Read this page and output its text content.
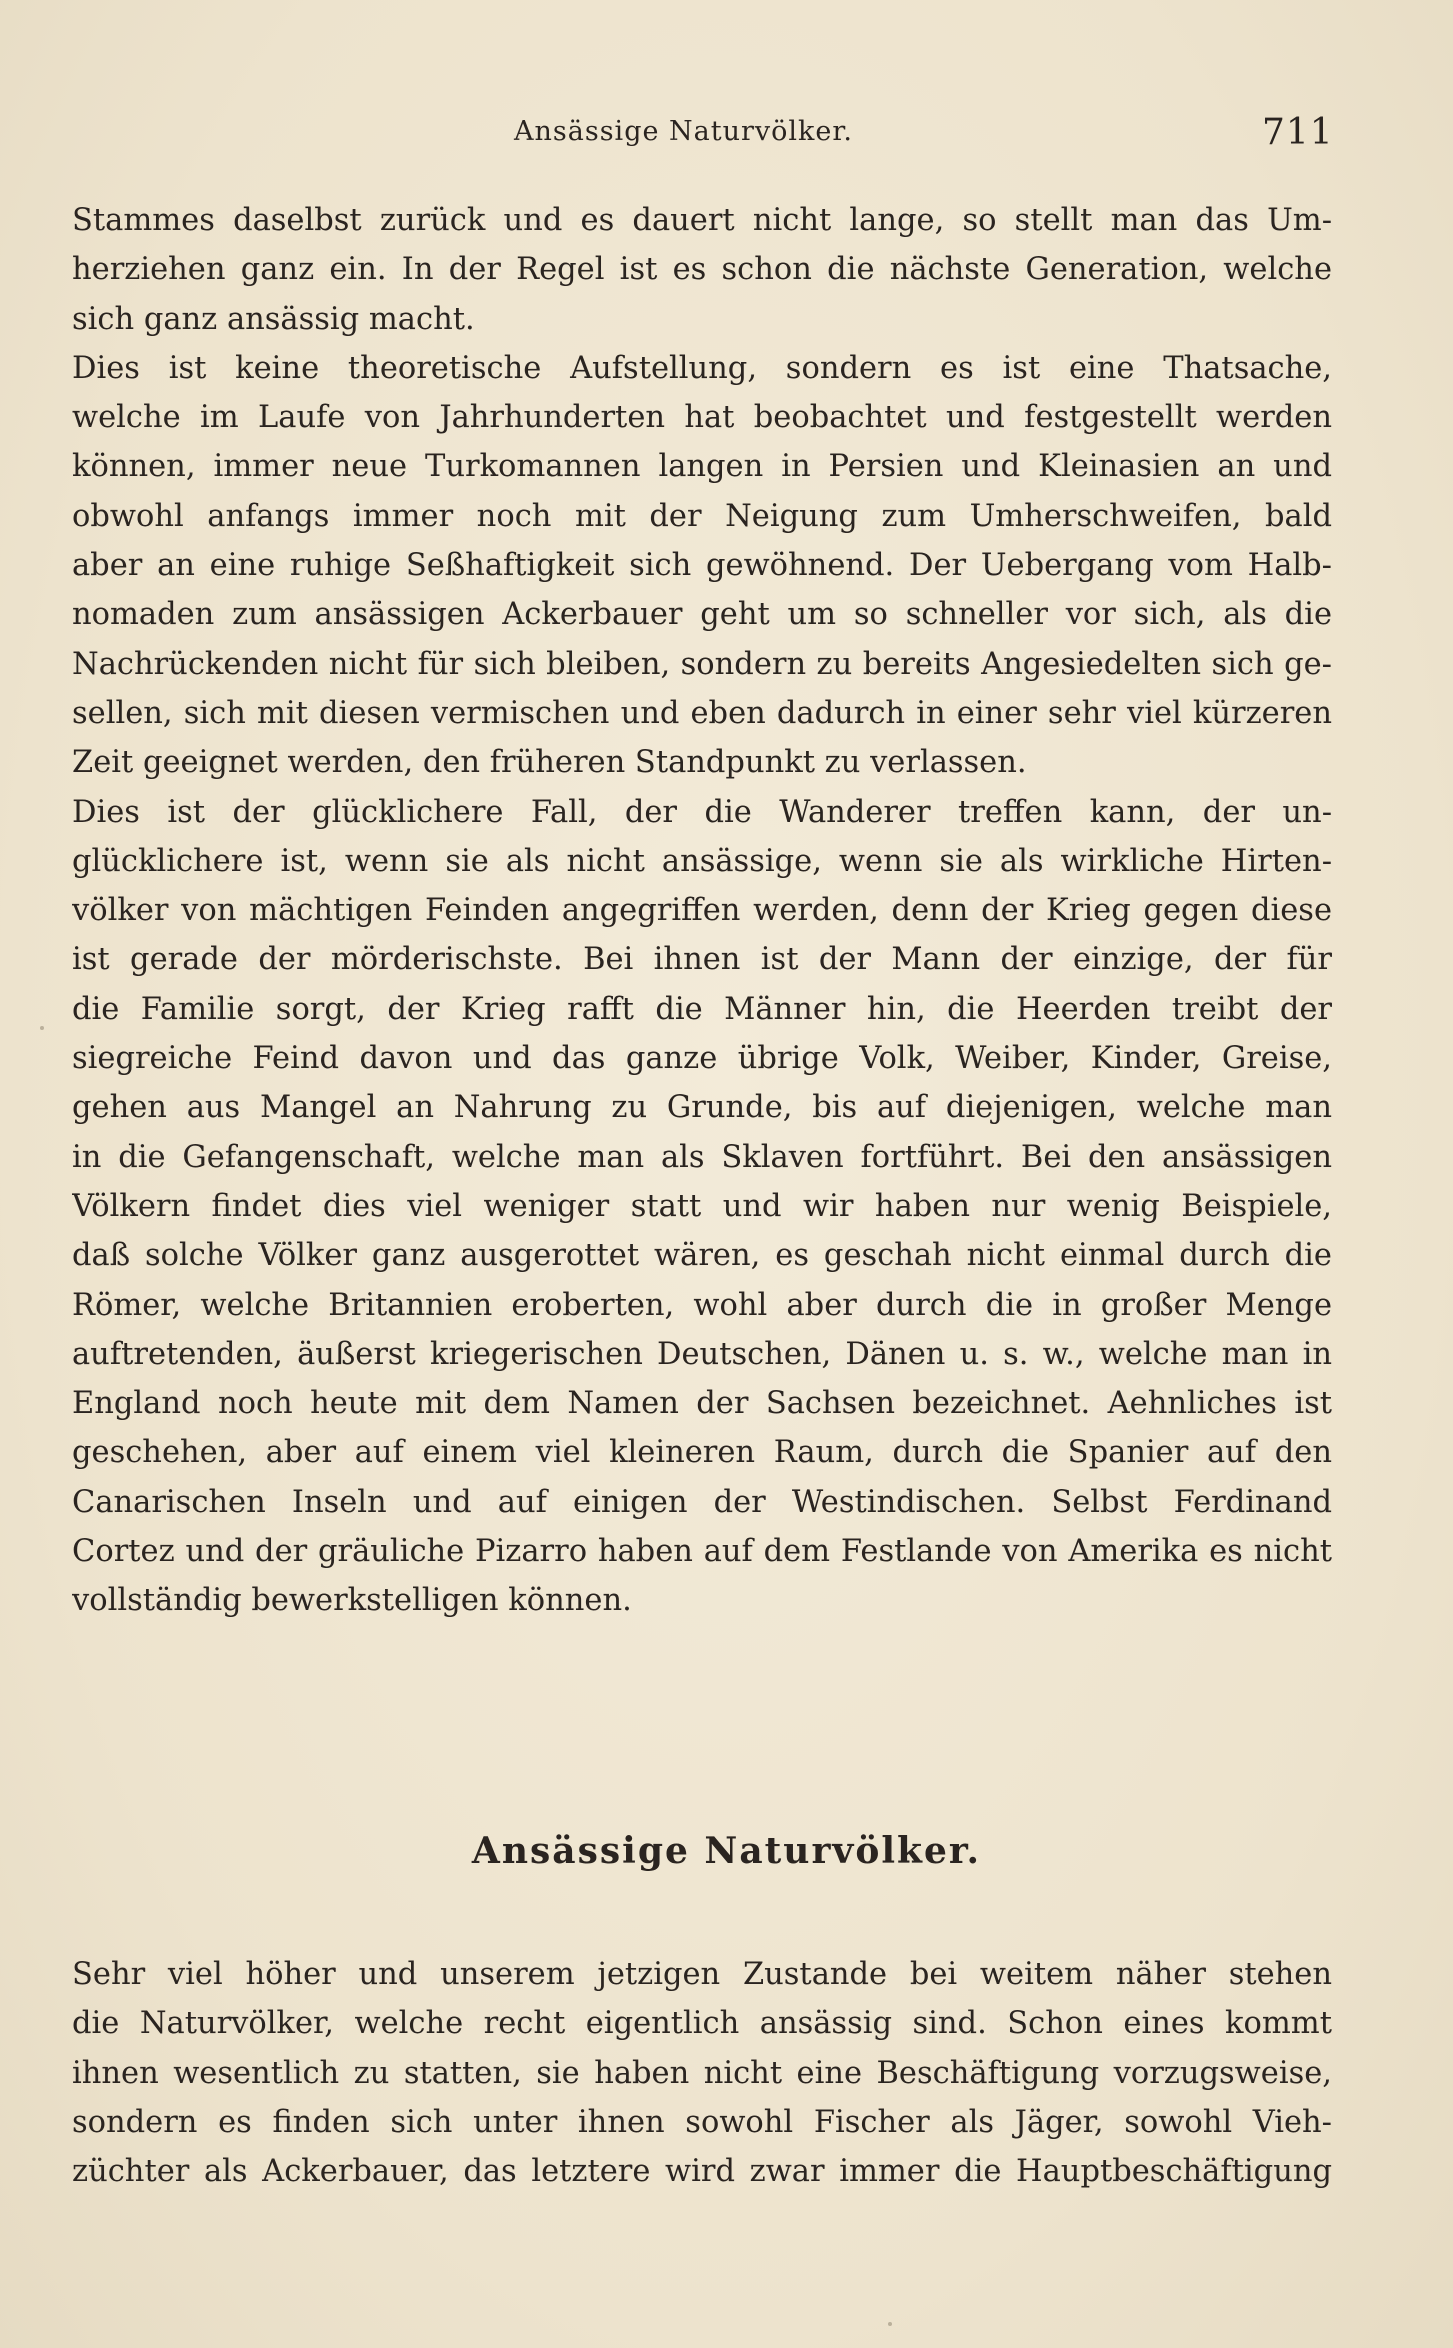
Ansässige Naturvölker.	711
Stammes daselbst zurück und es dauert nicht lange, so stellt man das Um-
herziehen ganz ein. In der Regel ist es schon die nächste Generation, welche
sich ganz ansässig macht.
Dies ist keine theoretische Aufstellung, sondern es ist eine Thatsache,
welche im Laufe von Jahrhunderten hat beobachtet und festgestellt werden
können, immer neue Turkomannen langen in Persien und Kleinasien an und
obwohl anfangs immer noch mit der Neigung zum Umherschweifen, bald
aber an eine ruhige Seßhaftigkeit sich gewöhnend. Der Uebergang vom Halb-
nomaden zum ansässigen Ackerbauer geht um so schneller vor sich, als die
Nachrückenden nicht für sich bleiben, sondern zu bereits Angesiedelten sich ge-
sellen, sich mit diesen vermischen und eben dadurch in einer sehr viel kürzeren
Zeit geeignet werden, den früheren Standpunkt zu verlassen.
Dies ist der glücklichere Fall, der die Wanderer treffen kann, der un-
glücklichere ist, wenn sie als nicht ansässige, wenn sie als wirkliche Hirten-
völker von mächtigen Feinden angegriffen werden, denn der Krieg gegen diese
ist gerade der mörderischste. Bei ihnen ist der Mann der einzige, der für
die Familie sorgt, der Krieg rafft die Männer hin, die Heerden treibt der
siegreiche Feind davon und das ganze übrige Volk, Weiber, Kinder, Greise,
gehen aus Mangel an Nahrung zu Grunde, bis auf diejenigen, welche man
in die Gefangenschaft, welche man als Sklaven fortführt. Bei den ansässigen
Völkern findet dies viel weniger statt und wir haben nur wenig Beispiele,
daß solche Völker ganz ausgerottet wären, es geschah nicht einmal durch die
Römer, welche Britannien eroberten, wohl aber durch die in großer Menge
auftretenden, äußerst kriegerischen Deutschen, Dänen u. s. w., welche man in
England noch heute mit dem Namen der Sachsen bezeichnet. Aehnliches ist
geschehen, aber auf einem viel kleineren Raum, durch die Spanier auf den
Canarischen Inseln und auf einigen der Westindischen. Selbst Ferdinand
Cortez und der gräuliche Pizarro haben auf dem Festlande von Amerika es nicht
vollständig bewerkstelligen können.
Ansässige Naturvölker.
Sehr viel höher und unserem jetzigen Zustande bei weitem näher stehen
die Naturvölker, welche recht eigentlich ansässig sind. Schon eines kommt
ihnen wesentlich zu statten, sie haben nicht eine Beschäftigung vorzugsweise,
sondern es finden sich unter ihnen sowohl Fischer als Jäger, sowohl Vieh-
züchter als Ackerbauer, das letztere wird zwar immer die Hauptbeschäftigung
